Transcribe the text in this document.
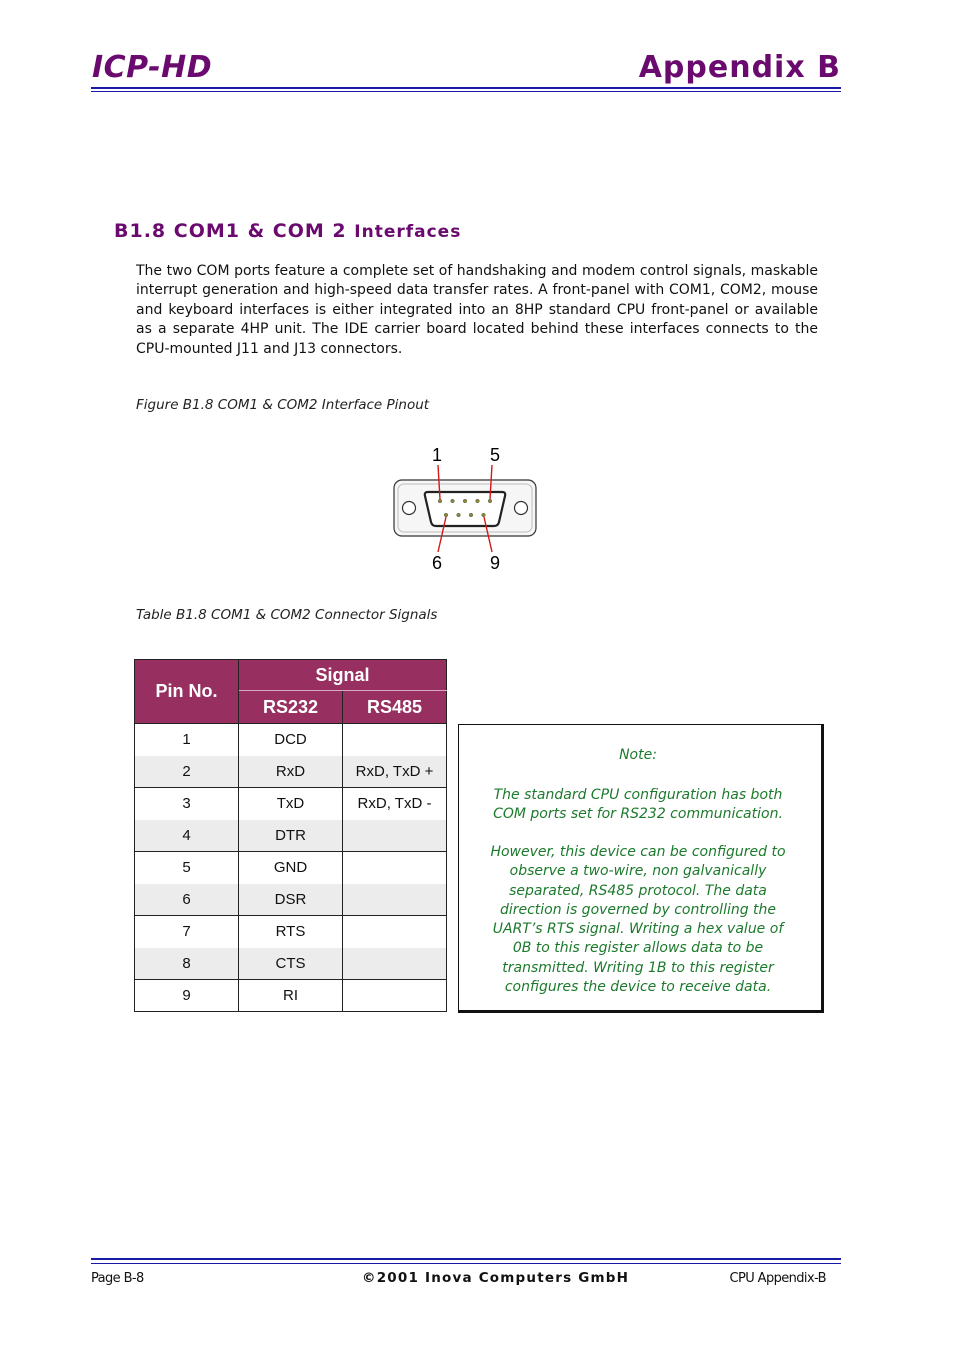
ICP-HD	Appendix B
B1.8 COM1 & COM 2 Interfaces
The two COM ports feature a complete set of handshaking and modem control signals, maskable interrupt generation and high-speed data transfer rates. A front-panel with COM1, COM2, mouse and keyboard interfaces is either integrated into an 8HP standard CPU front-panel or available as a separate 4HP unit. The IDE carrier board located behind these interfaces connects to the CPU-mounted J11 and J13 connectors.
Figure B1.8 COM1 & COM2 Interface Pinout
1	5
6	9
Table B1.8 COM1 & COM2 Connector Signals
Pin No.	Signal	
	RS232	RS485
1	DCD	
2	RxD	RxD, TxD +
3	TxD	RxD, TxD -
4	DTR	
5	GND	
6	DSR	
7	RTS	
8	CTS	
9	RI	
Note:
The standard CPU configuration has both
COM ports set for RS232 communication.
However, this device can be configured to
observe a two-wire, non galvanically
separated, RS485 protocol. The data
direction is governed by controlling the
UART’s RTS signal. Writing a hex value of
0B to this register allows data to be
transmitted. Writing 1B to this register
configures the device to receive data.
Page B-8	©2001 Inova Computers GmbH	CPU Appendix-B
